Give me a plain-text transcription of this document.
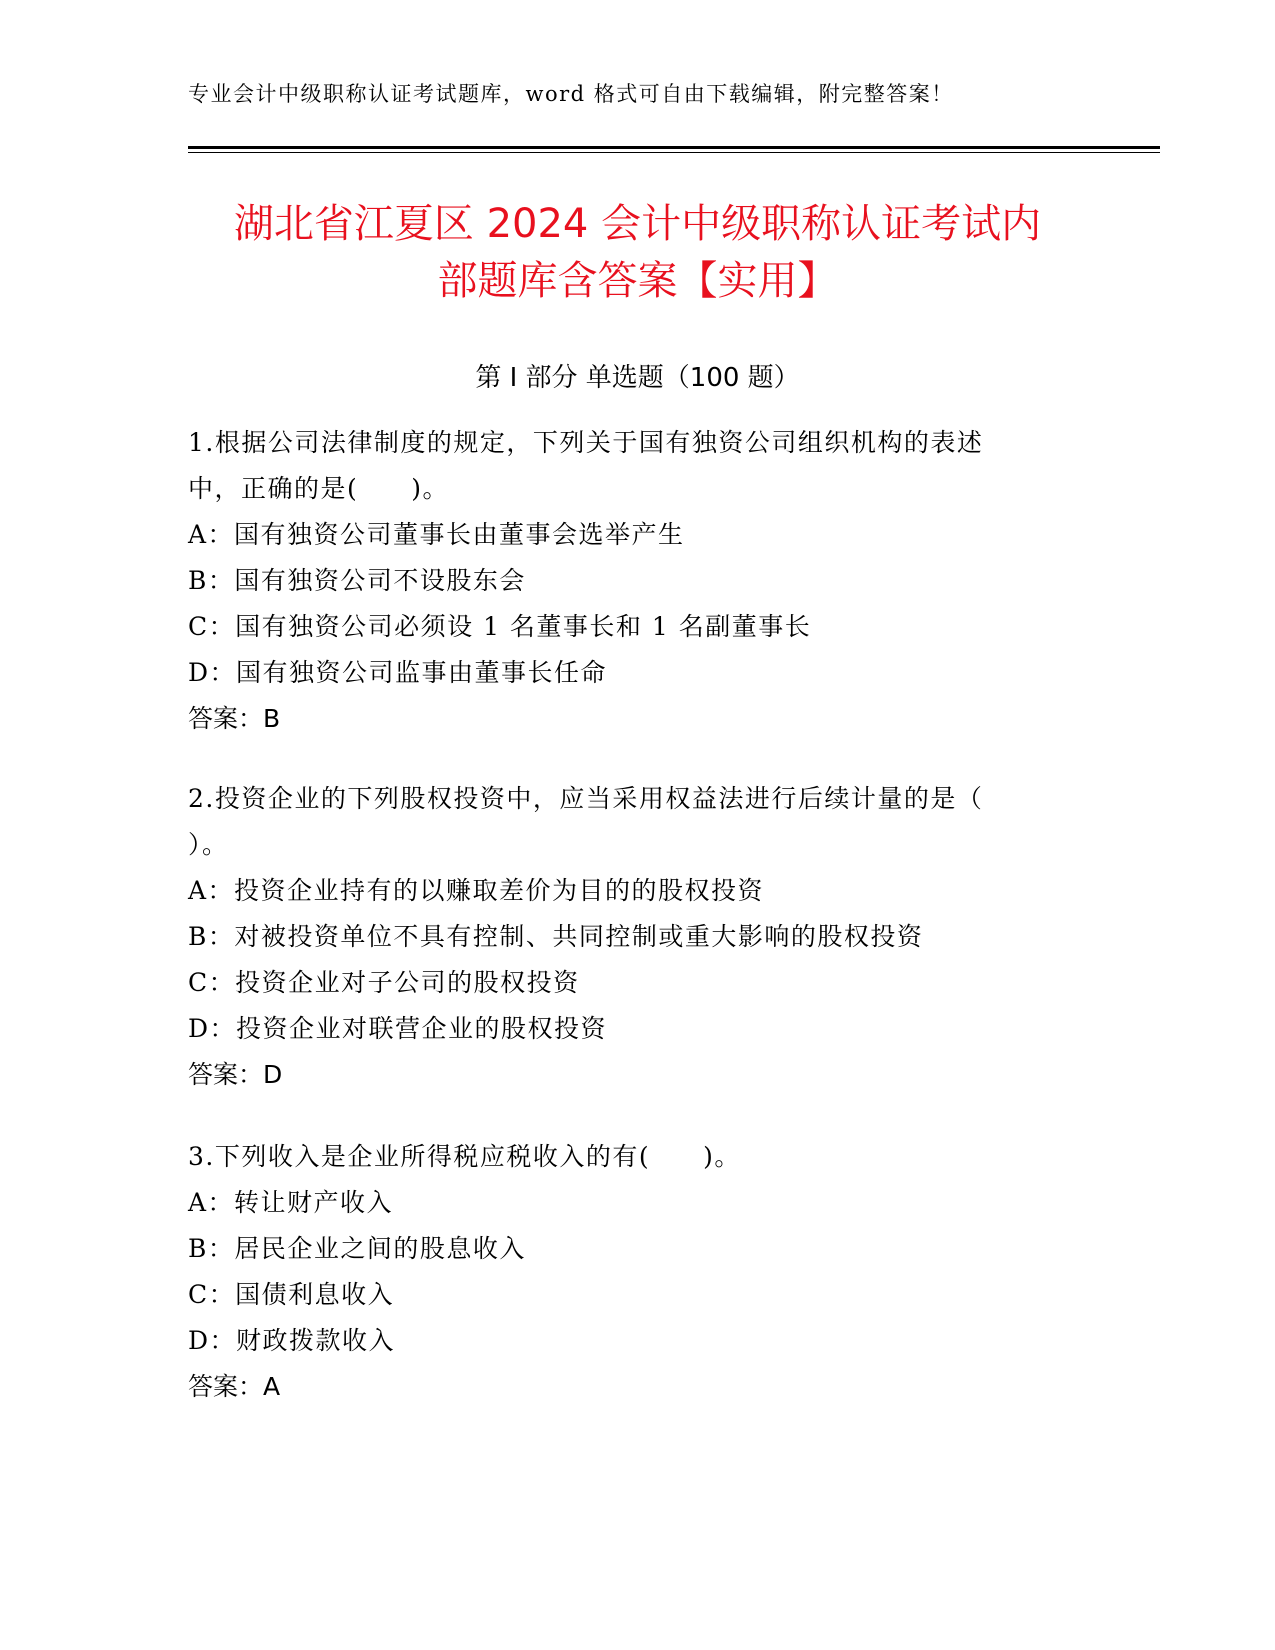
专业会计中级职称认证考试题库，word 格式可自由下载编辑，附完整答案！
湖北省江夏区 2024 会计中级职称认证考试内
部题库含答案【实用】
第 I 部分 单选题（100 题）
1.根据公司法律制度的规定，下列关于国有独资公司组织机构的表述
中，正确的是(　　)。
A：国有独资公司董事长由董事会选举产生
B：国有独资公司不设股东会
C：国有独资公司必须设 1 名董事长和 1 名副董事长
D：国有独资公司监事由董事长任命
答案：B
2.投资企业的下列股权投资中，应当采用权益法进行后续计量的是（
）。
A：投资企业持有的以赚取差价为目的的股权投资
B：对被投资单位不具有控制、共同控制或重大影响的股权投资
C：投资企业对子公司的股权投资
D：投资企业对联营企业的股权投资
答案：D
3.下列收入是企业所得税应税收入的有(　　)。
A：转让财产收入
B：居民企业之间的股息收入
C：国债利息收入
D：财政拨款收入
答案：A
